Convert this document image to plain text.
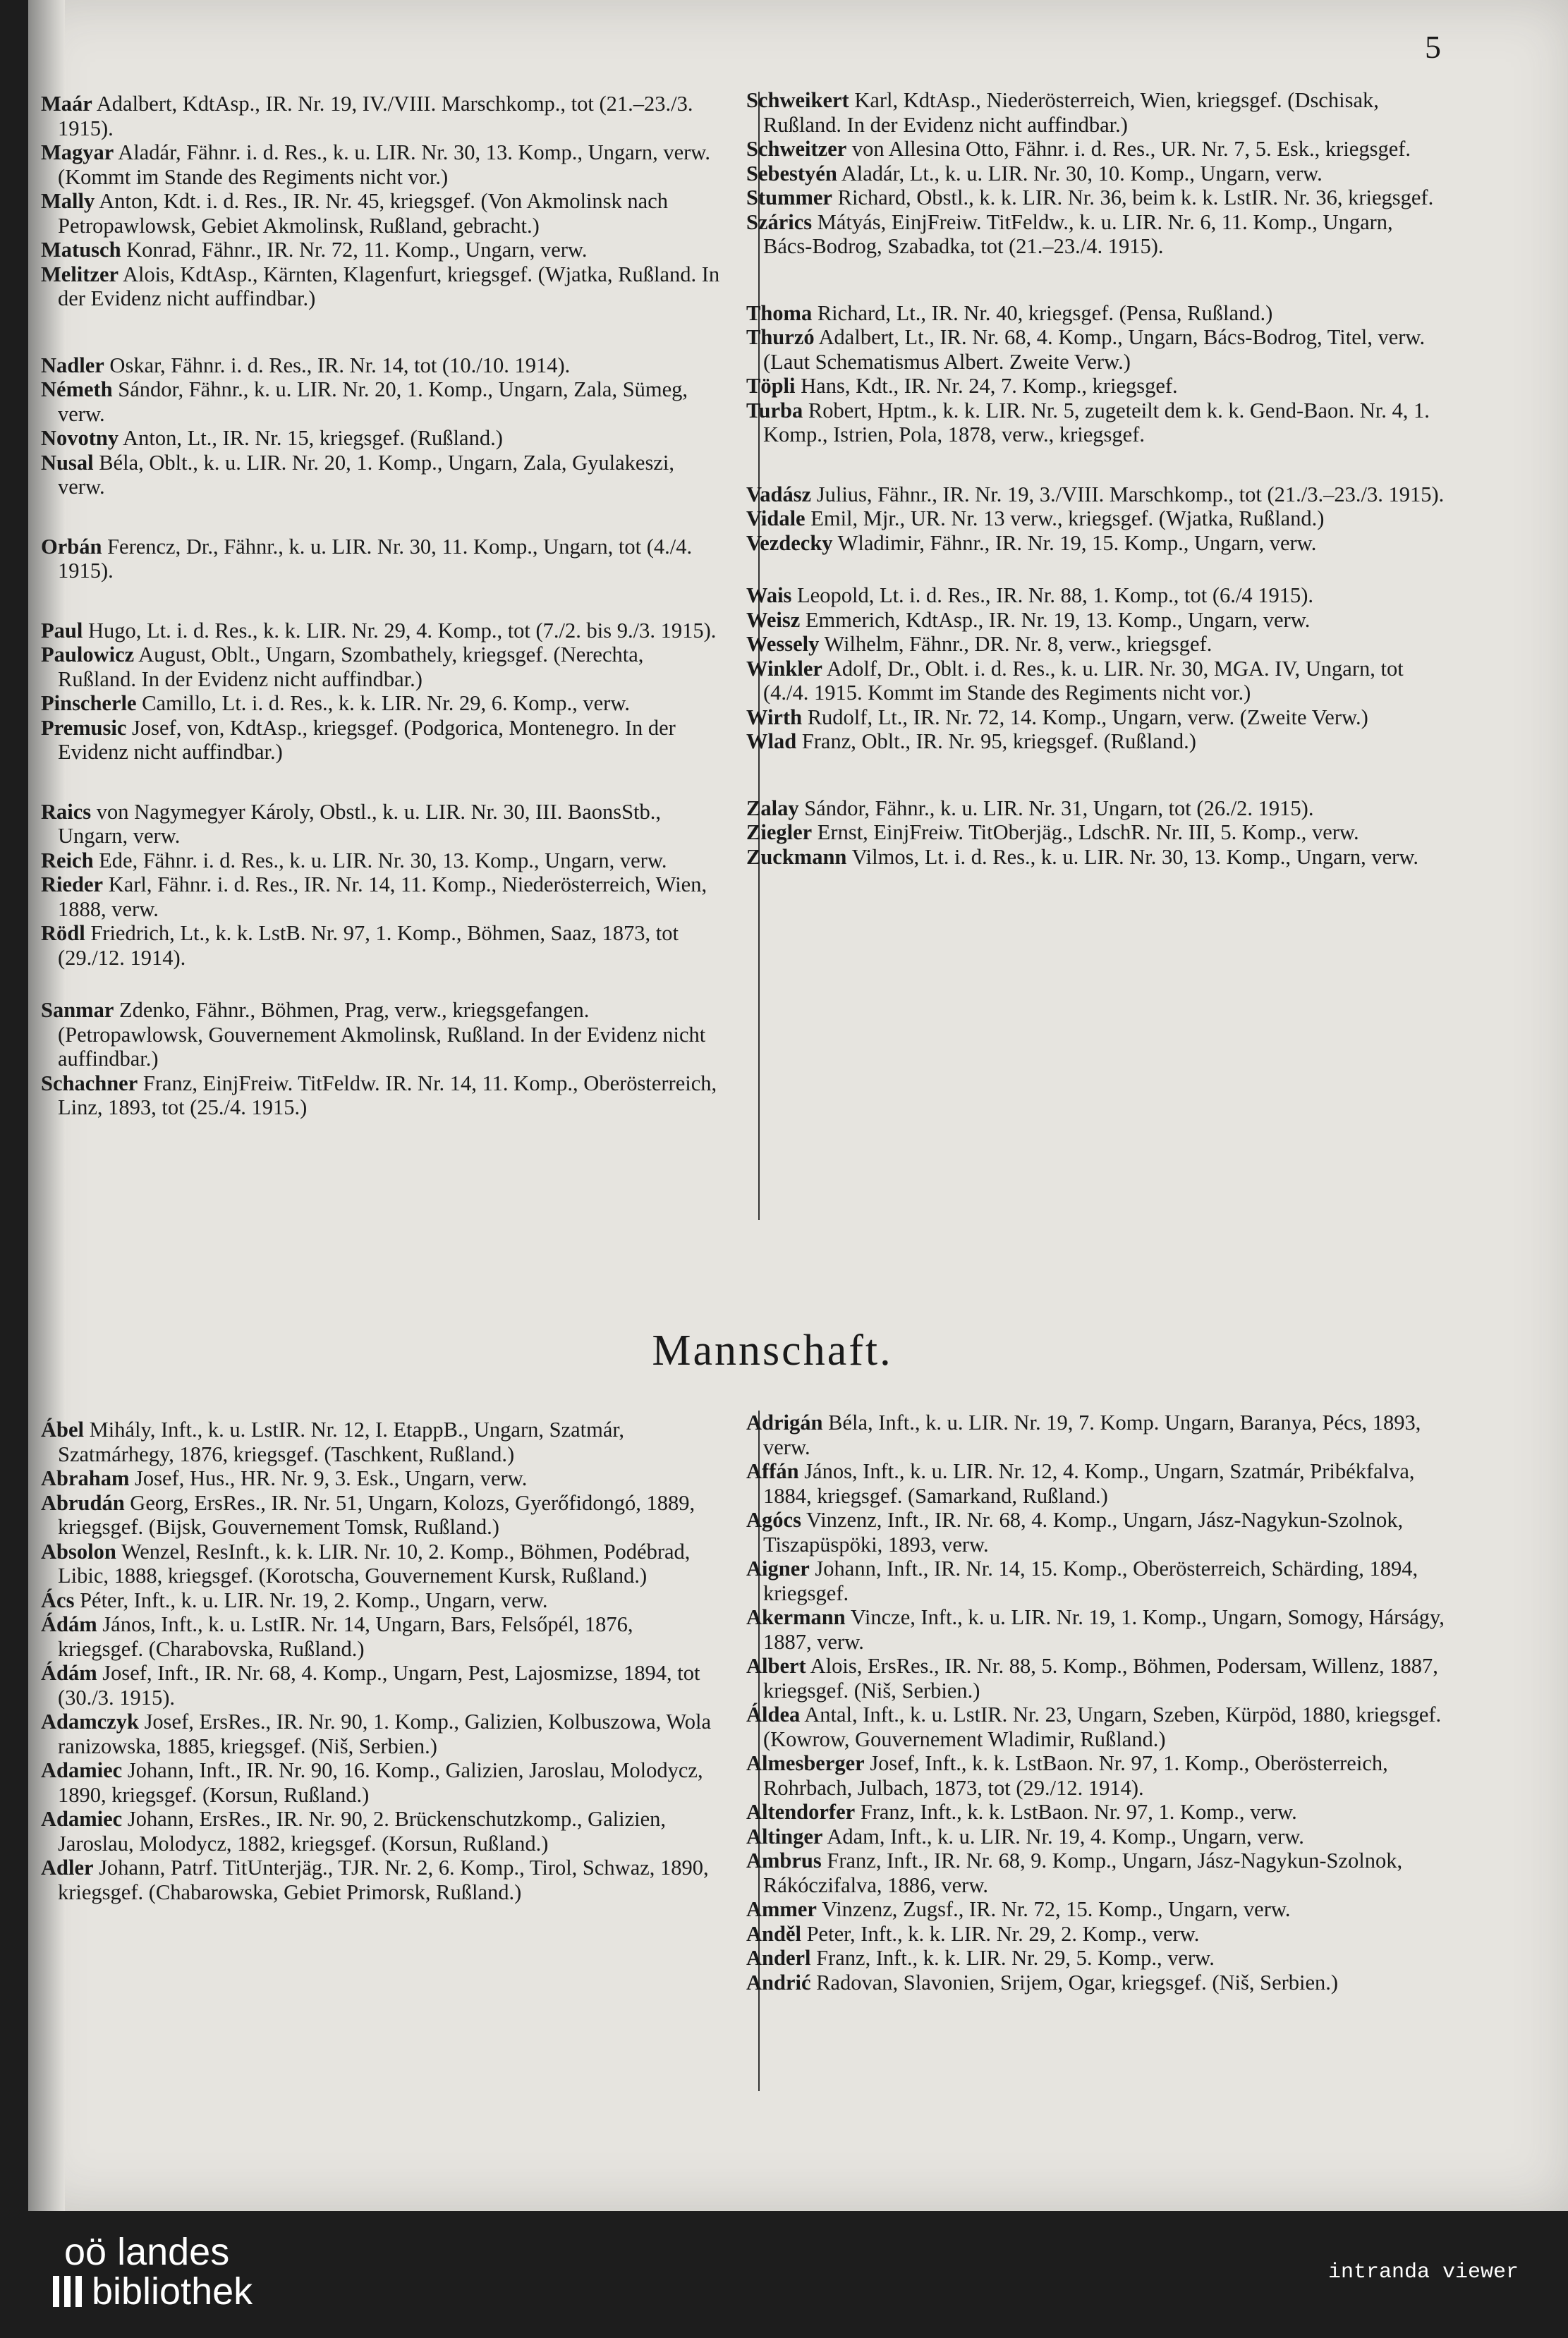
5

Maár Adalbert, KdtAsp., IR. Nr. 19, IV./VIII. Marschkomp., tot (21.–23./3. 1915).

Magyar Aladár, Fähnr. i. d. Res., k. u. LIR. Nr. 30, 13. Komp., Ungarn, verw. (Kommt im Stande des Regiments nicht vor.)

Mally Anton, Kdt. i. d. Res., IR. Nr. 45, kriegsgef. (Von Akmolinsk nach Petropawlowsk, Gebiet Akmolinsk, Rußland, gebracht.)

Matusch Konrad, Fähnr., IR. Nr. 72, 11. Komp., Ungarn, verw.

Melitzer Alois, KdtAsp., Kärnten, Klagenfurt, kriegsgef. (Wjatka, Rußland. In der Evidenz nicht auffindbar.)

Nadler Oskar, Fähnr. i. d. Res., IR. Nr. 14, tot (10./10. 1914).

Németh Sándor, Fähnr., k. u. LIR. Nr. 20, 1. Komp., Ungarn, Zala, Sümeg, verw.

Novotny Anton, Lt., IR. Nr. 15, kriegsgef. (Rußland.)

Nusal Béla, Oblt., k. u. LIR. Nr. 20, 1. Komp., Ungarn, Zala, Gyulakeszi, verw.

Orbán Ferencz, Dr., Fähnr., k. u. LIR. Nr. 30, 11. Komp., Ungarn, tot (4./4. 1915).

Paul Hugo, Lt. i. d. Res., k. k. LIR. Nr. 29, 4. Komp., tot (7./2. bis 9./3. 1915).

Paulowicz August, Oblt., Ungarn, Szombathely, kriegsgef. (Nerechta, Rußland. In der Evidenz nicht auffindbar.)

Pinscherle Camillo, Lt. i. d. Res., k. k. LIR. Nr. 29, 6. Komp., verw.

Premusic Josef, von, KdtAsp., kriegsgef. (Podgorica, Montenegro. In der Evidenz nicht auffindbar.)

Raics von Nagymegyer Károly, Obstl., k. u. LIR. Nr. 30, III. BaonsStb., Ungarn, verw.

Reich Ede, Fähnr. i. d. Res., k. u. LIR. Nr. 30, 13. Komp., Ungarn, verw.

Rieder Karl, Fähnr. i. d. Res., IR. Nr. 14, 11. Komp., Niederösterreich, Wien, 1888, verw.

Rödl Friedrich, Lt., k. k. LstB. Nr. 97, 1. Komp., Böhmen, Saaz, 1873, tot (29./12. 1914).

Sanmar Zdenko, Fähnr., Böhmen, Prag, verw., kriegsgefangen. (Petropawlowsk, Gouvernement Akmolinsk, Rußland. In der Evidenz nicht auffindbar.)

Schachner Franz, EinjFreiw. TitFeldw. IR. Nr. 14, 11. Komp., Oberösterreich, Linz, 1893, tot (25./4. 1915.)

Schweikert Karl, KdtAsp., Niederösterreich, Wien, kriegsgef. (Dschisak, Rußland. In der Evidenz nicht auffindbar.)

Schweitzer von Allesina Otto, Fähnr. i. d. Res., UR. Nr. 7, 5. Esk., kriegsgef.

Sebestyén Aladár, Lt., k. u. LIR. Nr. 30, 10. Komp., Ungarn, verw.

Stummer Richard, Obstl., k. k. LIR. Nr. 36, beim k. k. LstIR. Nr. 36, kriegsgef.

Szárics Mátyás, EinjFreiw. TitFeldw., k. u. LIR. Nr. 6, 11. Komp., Ungarn, Bács-Bodrog, Szabadka, tot (21.–23./4. 1915).

Thoma Richard, Lt., IR. Nr. 40, kriegsgef. (Pensa, Rußland.)

Thurzó Adalbert, Lt., IR. Nr. 68, 4. Komp., Ungarn, Bács-Bodrog, Titel, verw. (Laut Schematismus Albert. Zweite Verw.)

Töpli Hans, Kdt., IR. Nr. 24, 7. Komp., kriegsgef.

Turba Robert, Hptm., k. k. LIR. Nr. 5, zugeteilt dem k. k. Gend-Baon. Nr. 4, 1. Komp., Istrien, Pola, 1878, verw., kriegsgef.

Vadász Julius, Fähnr., IR. Nr. 19, 3./VIII. Marschkomp., tot (21./3.–23./3. 1915).

Vidale Emil, Mjr., UR. Nr. 13 verw., kriegsgef. (Wjatka, Rußland.)

Vezdecky Wladimir, Fähnr., IR. Nr. 19, 15. Komp., Ungarn, verw.

Wais Leopold, Lt. i. d. Res., IR. Nr. 88, 1. Komp., tot (6./4 1915).

Weisz Emmerich, KdtAsp., IR. Nr. 19, 13. Komp., Ungarn, verw.

Wessely Wilhelm, Fähnr., DR. Nr. 8, verw., kriegsgef.

Winkler Adolf, Dr., Oblt. i. d. Res., k. u. LIR. Nr. 30, MGA. IV, Ungarn, tot (4./4. 1915. Kommt im Stande des Regiments nicht vor.)

Wirth Rudolf, Lt., IR. Nr. 72, 14. Komp., Ungarn, verw. (Zweite Verw.)

Wlad Franz, Oblt., IR. Nr. 95, kriegsgef. (Rußland.)

Zalay Sándor, Fähnr., k. u. LIR. Nr. 31, Ungarn, tot (26./2. 1915).

Ziegler Ernst, EinjFreiw. TitOberjäg., LdschR. Nr. III, 5. Komp., verw.

Zuckmann Vilmos, Lt. i. d. Res., k. u. LIR. Nr. 30, 13. Komp., Ungarn, verw.

Mannschaft.

Ábel Mihály, Inft., k. u. LstIR. Nr. 12, I. EtappB., Ungarn, Szatmár, Szatmárhegy, 1876, kriegsgef. (Taschkent, Rußland.)

Abraham Josef, Hus., HR. Nr. 9, 3. Esk., Ungarn, verw.

Abrudán Georg, ErsRes., IR. Nr. 51, Ungarn, Kolozs, Gyerőfidongó, 1889, kriegsgef. (Bijsk, Gouvernement Tomsk, Rußland.)

Absolon Wenzel, ResInft., k. k. LIR. Nr. 10, 2. Komp., Böhmen, Podébrad, Libic, 1888, kriegsgef. (Korotscha, Gouvernement Kursk, Rußland.)

Ács Péter, Inft., k. u. LIR. Nr. 19, 2. Komp., Ungarn, verw.

Ádám János, Inft., k. u. LstIR. Nr. 14, Ungarn, Bars, Felsőpél, 1876, kriegsgef. (Charabovska, Rußland.)

Ádám Josef, Inft., IR. Nr. 68, 4. Komp., Ungarn, Pest, Lajosmizse, 1894, tot (30./3. 1915).

Adamczyk Josef, ErsRes., IR. Nr. 90, 1. Komp., Galizien, Kolbuszowa, Wola ranizowska, 1885, kriegsgef. (Niš, Serbien.)

Adamiec Johann, Inft., IR. Nr. 90, 16. Komp., Galizien, Jaroslau, Molodycz, 1890, kriegsgef. (Korsun, Rußland.)

Adamiec Johann, ErsRes., IR. Nr. 90, 2. Brückenschutzkomp., Galizien, Jaroslau, Molodycz, 1882, kriegsgef. (Korsun, Rußland.)

Adler Johann, Patrf. TitUnterjäg., TJR. Nr. 2, 6. Komp., Tirol, Schwaz, 1890, kriegsgef. (Chabarowska, Gebiet Primorsk, Rußland.)

Adrigán Béla, Inft., k. u. LIR. Nr. 19, 7. Komp. Ungarn, Baranya, Pécs, 1893, verw.

Affán János, Inft., k. u. LIR. Nr. 12, 4. Komp., Ungarn, Szatmár, Pribékfalva, 1884, kriegsgef. (Samarkand, Rußland.)

Agócs Vinzenz, Inft., IR. Nr. 68, 4. Komp., Ungarn, Jász-Nagykun-Szolnok, Tiszapüspöki, 1893, verw.

Aigner Johann, Inft., IR. Nr. 14, 15. Komp., Oberösterreich, Schärding, 1894, kriegsgef.

Akermann Vincze, Inft., k. u. LIR. Nr. 19, 1. Komp., Ungarn, Somogy, Hárságy, 1887, verw.

Albert Alois, ErsRes., IR. Nr. 88, 5. Komp., Böhmen, Podersam, Willenz, 1887, kriegsgef. (Niš, Serbien.)

Áldea Antal, Inft., k. u. LstIR. Nr. 23, Ungarn, Szeben, Kürpöd, 1880, kriegsgef. (Kowrow, Gouvernement Wladimir, Rußland.)

Almesberger Josef, Inft., k. k. LstBaon. Nr. 97, 1. Komp., Oberösterreich, Rohrbach, Julbach, 1873, tot (29./12. 1914).

Altendorfer Franz, Inft., k. k. LstBaon. Nr. 97, 1. Komp., verw.

Altinger Adam, Inft., k. u. LIR. Nr. 19, 4. Komp., Ungarn, verw.

Ambrus Franz, Inft., IR. Nr. 68, 9. Komp., Ungarn, Jász-Nagykun-Szolnok, Rákóczifalva, 1886, verw.

Ammer Vinzenz, Zugsf., IR. Nr. 72, 15. Komp., Ungarn, verw.

Anděl Peter, Inft., k. k. LIR. Nr. 29, 2. Komp., verw.

Anderl Franz, Inft., k. k. LIR. Nr. 29, 5. Komp., verw.

Andrić Radovan, Slavonien, Srijem, Ogar, kriegsgef. (Niš, Serbien.)

oö landes
bibliothek	intranda viewer
